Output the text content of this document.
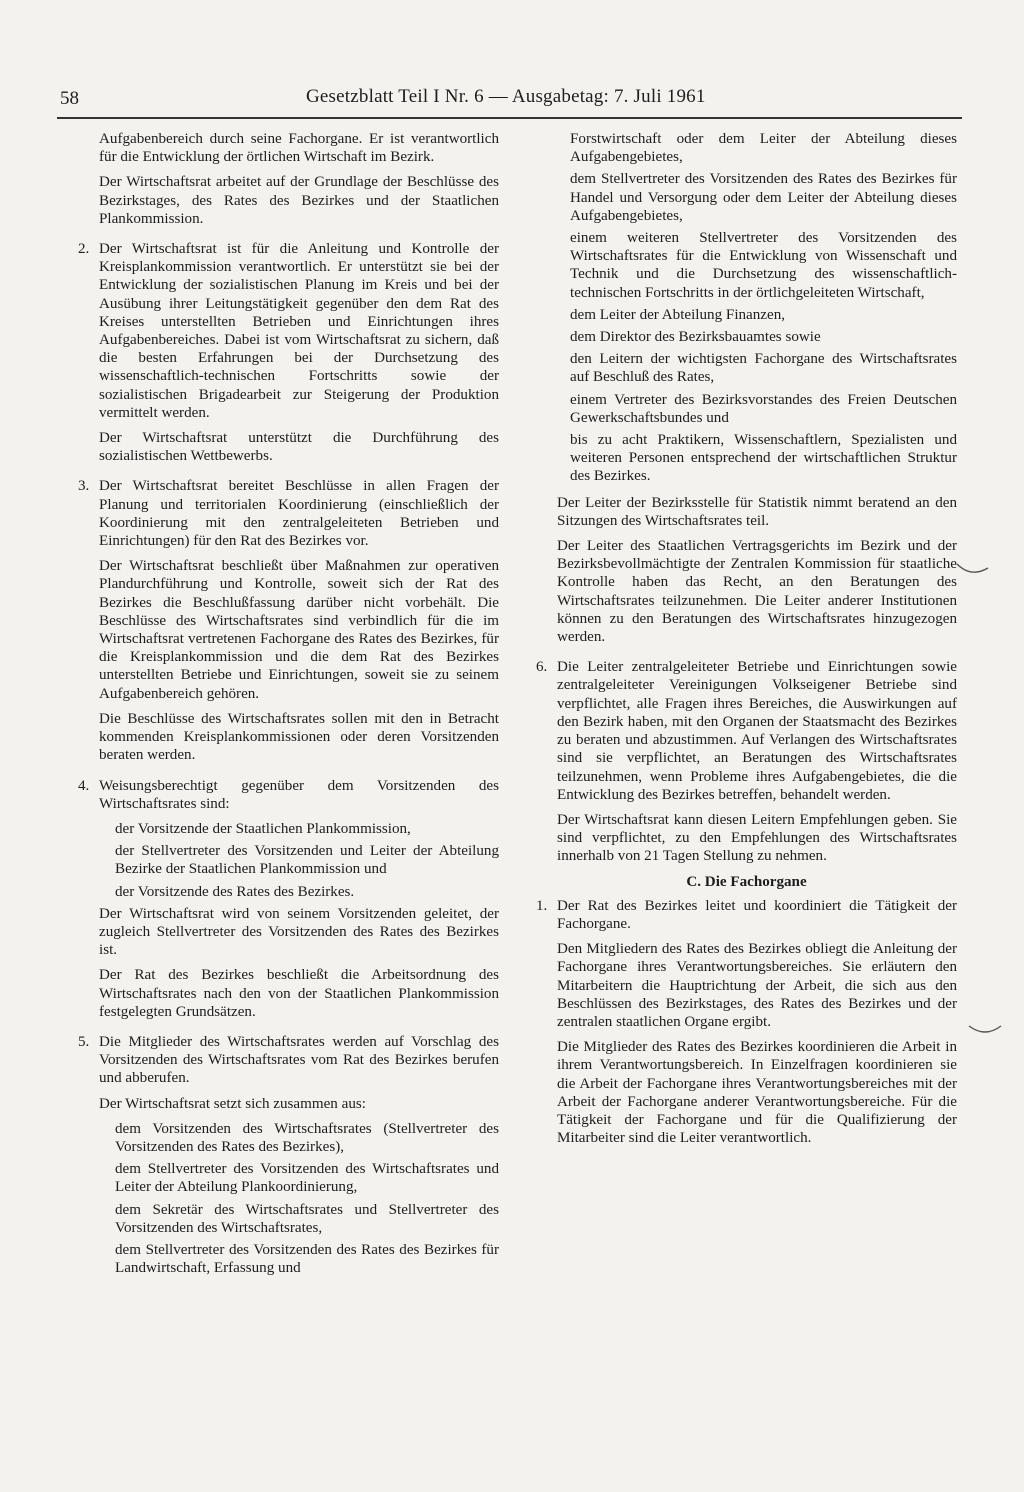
58	Gesetzblatt Teil I Nr. 6 — Ausgabetag: 7. Juli 1961

Aufgabenbereich durch seine Fachorgane. Er ist verantwortlich für die Entwicklung der örtlichen Wirtschaft im Bezirk.

Der Wirtschaftsrat arbeitet auf der Grundlage der Beschlüsse des Bezirkstages, des Rates des Bezirkes und der Staatlichen Plankommission.

2. Der Wirtschaftsrat ist für die Anleitung und Kontrolle der Kreisplankommission verantwortlich. Er unterstützt sie bei der Entwicklung der sozialistischen Planung im Kreis und bei der Ausübung ihrer Leitungstätigkeit gegenüber den dem Rat des Kreises unterstellten Betrieben und Einrichtungen ihres Aufgabenbereiches. Dabei ist vom Wirtschaftsrat zu sichern, daß die besten Erfahrungen bei der Durchsetzung des wissenschaftlich-technischen Fortschritts sowie der sozialistischen Brigadearbeit zur Steigerung der Produktion vermittelt werden.

Der Wirtschaftsrat unterstützt die Durchführung des sozialistischen Wettbewerbs.

3. Der Wirtschaftsrat bereitet Beschlüsse in allen Fragen der Planung und territorialen Koordinierung (einschließlich der Koordinierung mit den zentralgeleiteten Betrieben und Einrichtungen) für den Rat des Bezirkes vor.

Der Wirtschaftsrat beschließt über Maßnahmen zur operativen Plandurchführung und Kontrolle, soweit sich der Rat des Bezirkes die Beschlußfassung darüber nicht vorbehält. Die Beschlüsse des Wirtschaftsrates sind verbindlich für die im Wirtschaftsrat vertretenen Fachorgane des Rates des Bezirkes, für die Kreisplankommission und die dem Rat des Bezirkes unterstellten Betriebe und Einrichtungen, soweit sie zu seinem Aufgabenbereich gehören.

Die Beschlüsse des Wirtschaftsrates sollen mit den in Betracht kommenden Kreisplankommissionen oder deren Vorsitzenden beraten werden.

4. Weisungsberechtigt gegenüber dem Vorsitzenden des Wirtschaftsrates sind:

der Vorsitzende der Staatlichen Plankommission,

der Stellvertreter des Vorsitzenden und Leiter der Abteilung Bezirke der Staatlichen Plankommission und

der Vorsitzende des Rates des Bezirkes.

Der Wirtschaftsrat wird von seinem Vorsitzenden geleitet, der zugleich Stellvertreter des Vorsitzenden des Rates des Bezirkes ist.

Der Rat des Bezirkes beschließt die Arbeitsordnung des Wirtschaftsrates nach den von der Staatlichen Plankommission festgelegten Grundsätzen.

5. Die Mitglieder des Wirtschaftsrates werden auf Vorschlag des Vorsitzenden des Wirtschaftsrates vom Rat des Bezirkes berufen und abberufen.

Der Wirtschaftsrat setzt sich zusammen aus:

dem Vorsitzenden des Wirtschaftsrates (Stellvertreter des Vorsitzenden des Rates des Bezirkes),

dem Stellvertreter des Vorsitzenden des Wirtschaftsrates und Leiter der Abteilung Plankoordinierung,

dem Sekretär des Wirtschaftsrates und Stellvertreter des Vorsitzenden des Wirtschaftsrates,

dem Stellvertreter des Vorsitzenden des Rates des Bezirkes für Landwirtschaft, Erfassung und

Forstwirtschaft oder dem Leiter der Abteilung dieses Aufgabengebietes,

dem Stellvertreter des Vorsitzenden des Rates des Bezirkes für Handel und Versorgung oder dem Leiter der Abteilung dieses Aufgabengebietes,

einem weiteren Stellvertreter des Vorsitzenden des Wirtschaftsrates für die Entwicklung von Wissenschaft und Technik und die Durchsetzung des wissenschaftlich-technischen Fortschritts in der örtlichgeleiteten Wirtschaft,

dem Leiter der Abteilung Finanzen,

dem Direktor des Bezirksbauamtes sowie

den Leitern der wichtigsten Fachorgane des Wirtschaftsrates auf Beschluß des Rates,

einem Vertreter des Bezirksvorstandes des Freien Deutschen Gewerkschaftsbundes und

bis zu acht Praktikern, Wissenschaftlern, Spezialisten und weiteren Personen entsprechend der wirtschaftlichen Struktur des Bezirkes.

Der Leiter der Bezirksstelle für Statistik nimmt beratend an den Sitzungen des Wirtschaftsrates teil.

Der Leiter des Staatlichen Vertragsgerichts im Bezirk und der Bezirksbevollmächtigte der Zentralen Kommission für staatliche Kontrolle haben das Recht, an den Beratungen des Wirtschaftsrates teilzunehmen. Die Leiter anderer Institutionen können zu den Beratungen des Wirtschaftsrates hinzugezogen werden.

6. Die Leiter zentralgeleiteter Betriebe und Einrichtungen sowie zentralgeleiteter Vereinigungen Volkseigener Betriebe sind verpflichtet, alle Fragen ihres Bereiches, die Auswirkungen auf den Bezirk haben, mit den Organen der Staatsmacht des Bezirkes zu beraten und abzustimmen. Auf Verlangen des Wirtschaftsrates sind sie verpflichtet, an Beratungen des Wirtschaftsrates teilzunehmen, wenn Probleme ihres Aufgabengebietes, die die Entwicklung des Bezirkes betreffen, behandelt werden.

Der Wirtschaftsrat kann diesen Leitern Empfehlungen geben. Sie sind verpflichtet, zu den Empfehlungen des Wirtschaftsrates innerhalb von 21 Tagen Stellung zu nehmen.

C. Die Fachorgane

1. Der Rat des Bezirkes leitet und koordiniert die Tätigkeit der Fachorgane.

Den Mitgliedern des Rates des Bezirkes obliegt die Anleitung der Fachorgane ihres Verantwortungsbereiches. Sie erläutern den Mitarbeitern die Hauptrichtung der Arbeit, die sich aus den Beschlüssen des Bezirkstages, des Rates des Bezirkes und der zentralen staatlichen Organe ergibt.

Die Mitglieder des Rates des Bezirkes koordinieren die Arbeit in ihrem Verantwortungsbereich. In Einzelfragen koordinieren sie die Arbeit der Fachorgane ihres Verantwortungsbereiches mit der Arbeit der Fachorgane anderer Verantwortungsbereiche. Für die Tätigkeit der Fachorgane und für die Qualifizierung der Mitarbeiter sind die Leiter verantwortlich.
